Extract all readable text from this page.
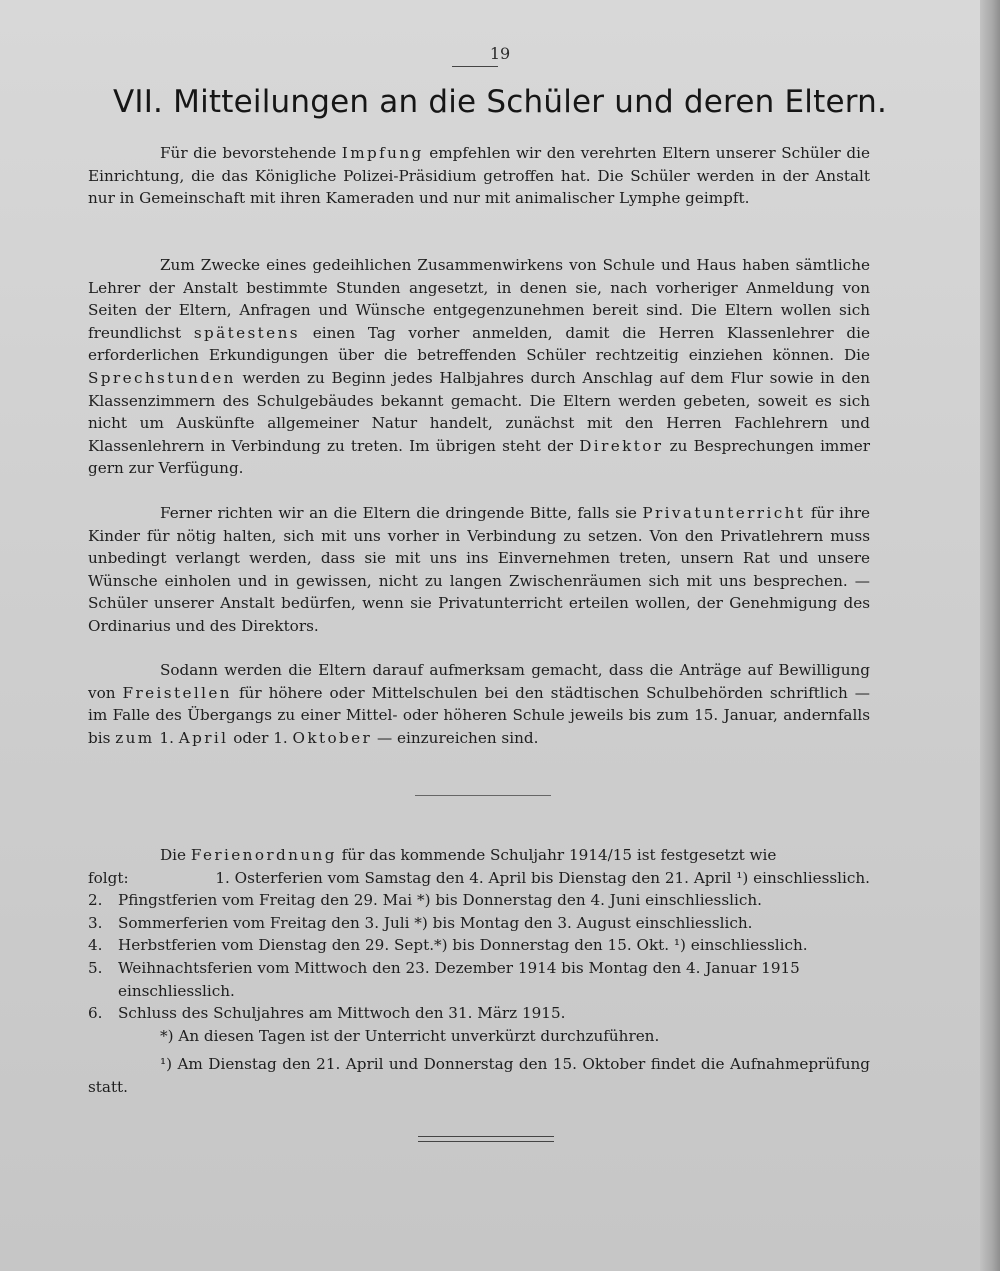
19
VII. Mitteilungen an die Schüler und deren Eltern.

Für die bevorstehende Impfung empfehlen wir den verehrten Eltern unserer Schüler die Einrichtung, die das Königliche Polizei-Präsidium getroffen hat. Die Schüler werden in der Anstalt nur in Gemeinschaft mit ihren Kameraden und nur mit animalischer Lymphe geimpft.

Zum Zwecke eines gedeihlichen Zusammenwirkens von Schule und Haus haben sämtliche Lehrer der Anstalt bestimmte Stunden angesetzt, in denen sie, nach vorheriger Anmeldung von Seiten der Eltern, Anfragen und Wünsche entgegenzunehmen bereit sind. Die Eltern wollen sich freundlichst spätestens einen Tag vorher anmelden, damit die Herren Klassenlehrer die erforderlichen Erkundigungen über die betreffenden Schüler rechtzeitig einziehen können. Die Sprechstunden werden zu Beginn jedes Halbjahres durch Anschlag auf dem Flur sowie in den Klassenzimmern des Schulgebäudes bekannt gemacht. Die Eltern werden gebeten, soweit es sich nicht um Auskünfte allgemeiner Natur handelt, zunächst mit den Herren Fachlehrern und Klassenlehrern in Verbindung zu treten. Im übrigen steht der Direktor zu Besprechungen immer gern zur Verfügung.

Ferner richten wir an die Eltern die dringende Bitte, falls sie Privatunterricht für ihre Kinder für nötig halten, sich mit uns vorher in Verbindung zu setzen. Von den Privatlehrern muss unbedingt verlangt werden, dass sie mit uns ins Einvernehmen treten, unsern Rat und unsere Wünsche einholen und in gewissen, nicht zu langen Zwischenräumen sich mit uns besprechen. — Schüler unserer Anstalt bedürfen, wenn sie Privatunterricht erteilen wollen, der Genehmigung des Ordinarius und des Direktors.

Sodann werden die Eltern darauf aufmerksam gemacht, dass die Anträge auf Bewilligung von Freistellen für höhere oder Mittelschulen bei den städtischen Schulbehörden schriftlich — im Falle des Übergangs zu einer Mittel- oder höheren Schule jeweils bis zum 15. Januar, andernfalls bis zum 1. April oder 1. Oktober — einzureichen sind.

Die Ferienordnung für das kommende Schuljahr 1914/15 ist festgesetzt wie

folgt:	1. Osterferien vom Samstag den 4. April bis Dienstag den 21. April ¹) einschliesslich.
2. Pfingstferien vom Freitag den 29. Mai *) bis Donnerstag den 4. Juni einschliesslich.
3. Sommerferien vom Freitag den 3. Juli *) bis Montag den 3. August einschliesslich.
4. Herbstferien vom Dienstag den 29. Sept.*) bis Donnerstag den 15. Okt. ¹) einschliesslich.
5. Weihnachtsferien vom Mittwoch den 23. Dezember 1914 bis Montag den 4. Januar 1915
einschliesslich.
6. Schluss des Schuljahres am Mittwoch den 31. März 1915.

*) An diesen Tagen ist der Unterricht unverkürzt durchzuführen.

¹) Am Dienstag den 21. April und Donnerstag den 15. Oktober findet die Aufnahmeprüfung statt.
